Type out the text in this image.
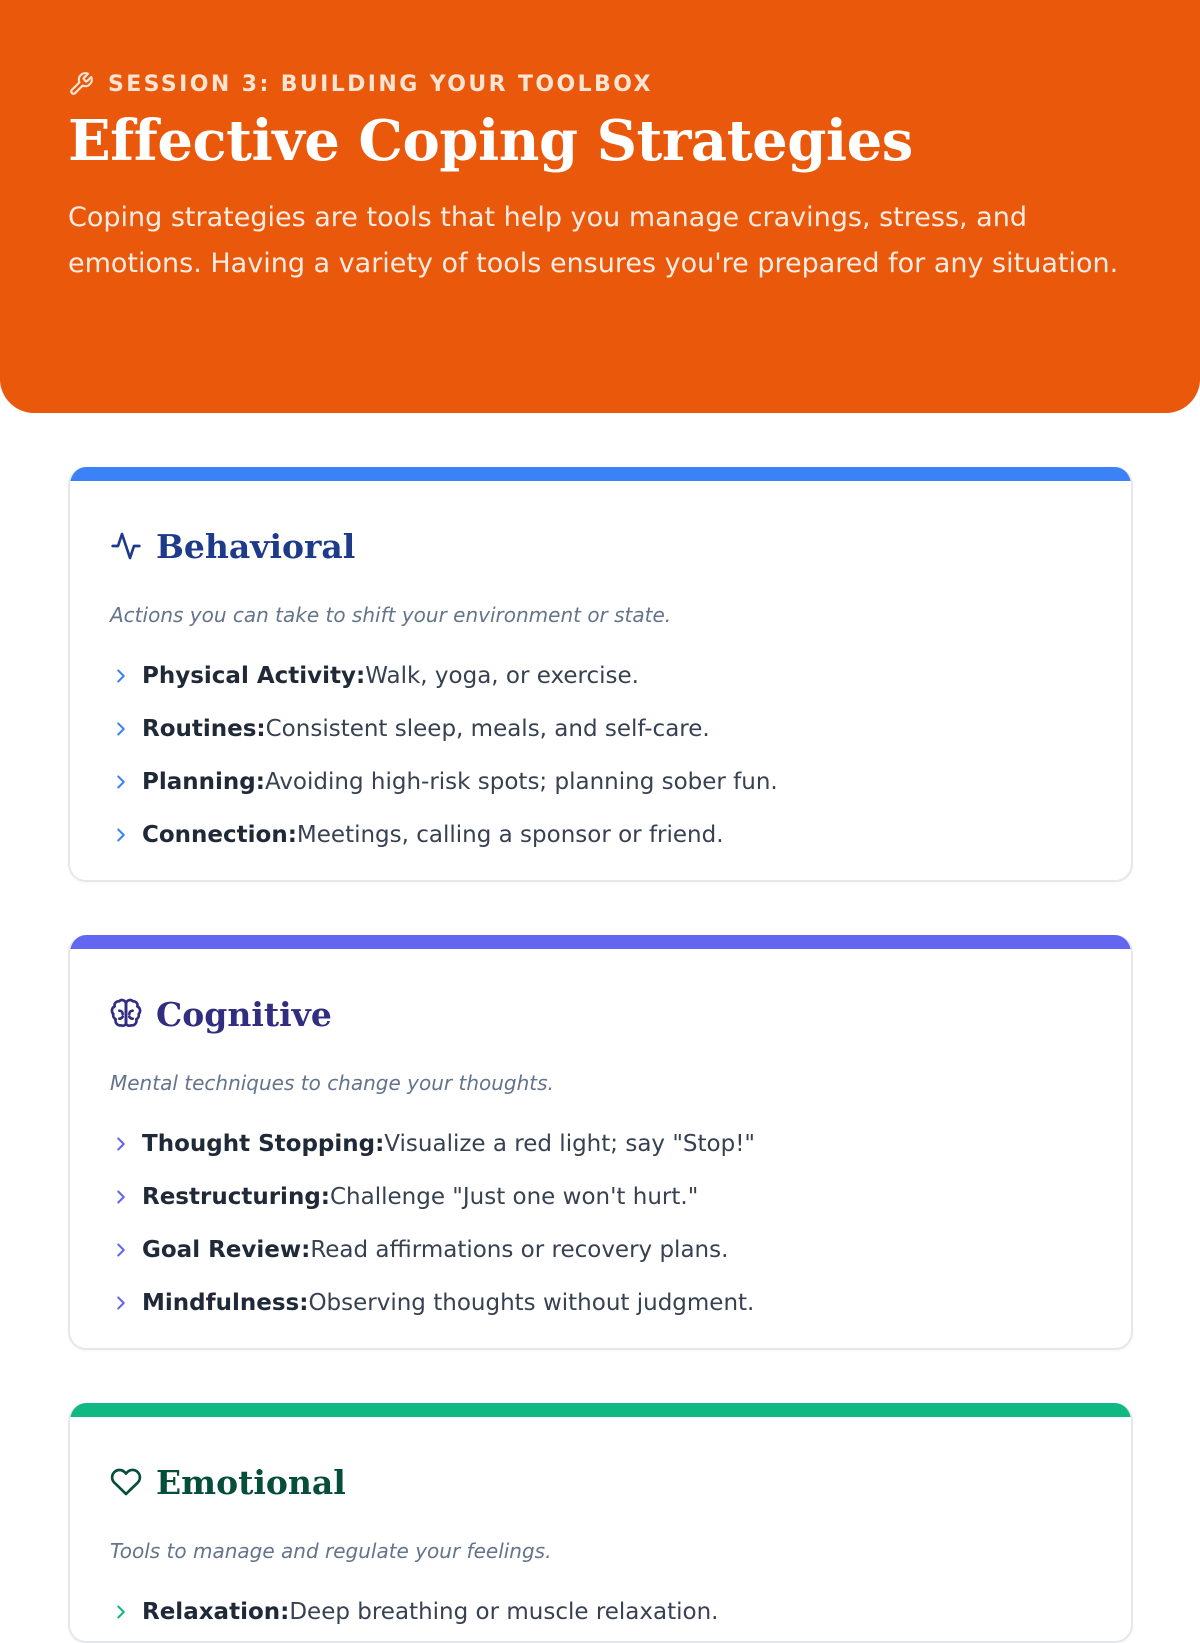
SESSION 3: BUILDING YOUR TOOLBOX
Effective Coping Strategies

Coping strategies are tools that help you manage cravings, stress, and emotions. Having a variety of tools ensures you're prepared for any situation.

Behavioral
Actions you can take to shift your environment or state.
Physical Activity: Walk, yoga, or exercise.
Routines: Consistent sleep, meals, and self-care.
Planning: Avoiding high-risk spots; planning sober fun.
Connection: Meetings, calling a sponsor or friend.
Cognitive
Mental techniques to change your thoughts.
Thought Stopping: Visualize a red light; say "Stop!"
Restructuring: Challenge "Just one won't hurt."
Goal Review: Read affirmations or recovery plans.
Mindfulness: Observing thoughts without judgment.
Emotional
Tools to manage and regulate your feelings.
Relaxation: Deep breathing or muscle relaxation.
